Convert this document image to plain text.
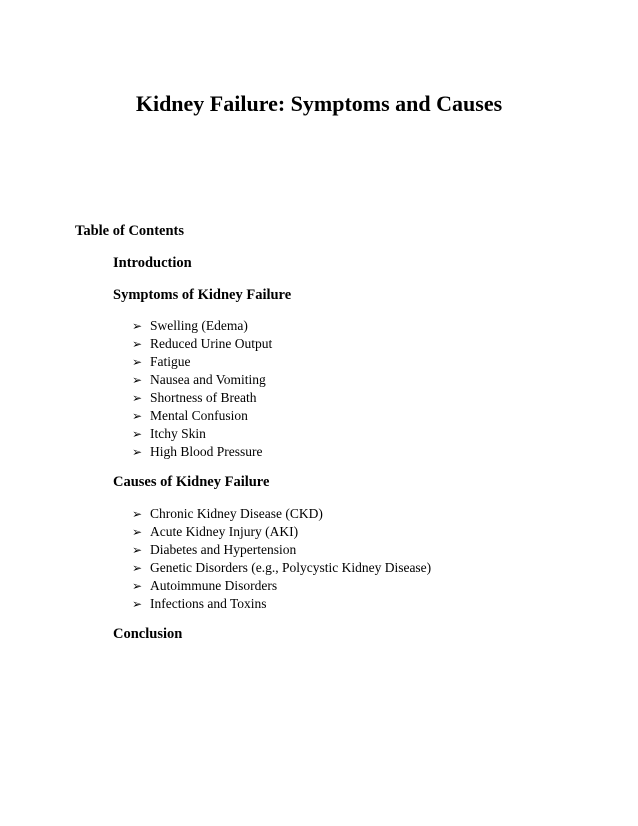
Kidney Failure: Symptoms and Causes
Table of Contents
Introduction
Symptoms of Kidney Failure
➢ Swelling (Edema)
➢ Reduced Urine Output
➢ Fatigue
➢ Nausea and Vomiting
➢ Shortness of Breath
➢ Mental Confusion
➢ Itchy Skin
➢ High Blood Pressure
Causes of Kidney Failure
➢ Chronic Kidney Disease (CKD)
➢ Acute Kidney Injury (AKI)
➢ Diabetes and Hypertension
➢ Genetic Disorders (e.g., Polycystic Kidney Disease)
➢ Autoimmune Disorders
➢ Infections and Toxins
Conclusion
